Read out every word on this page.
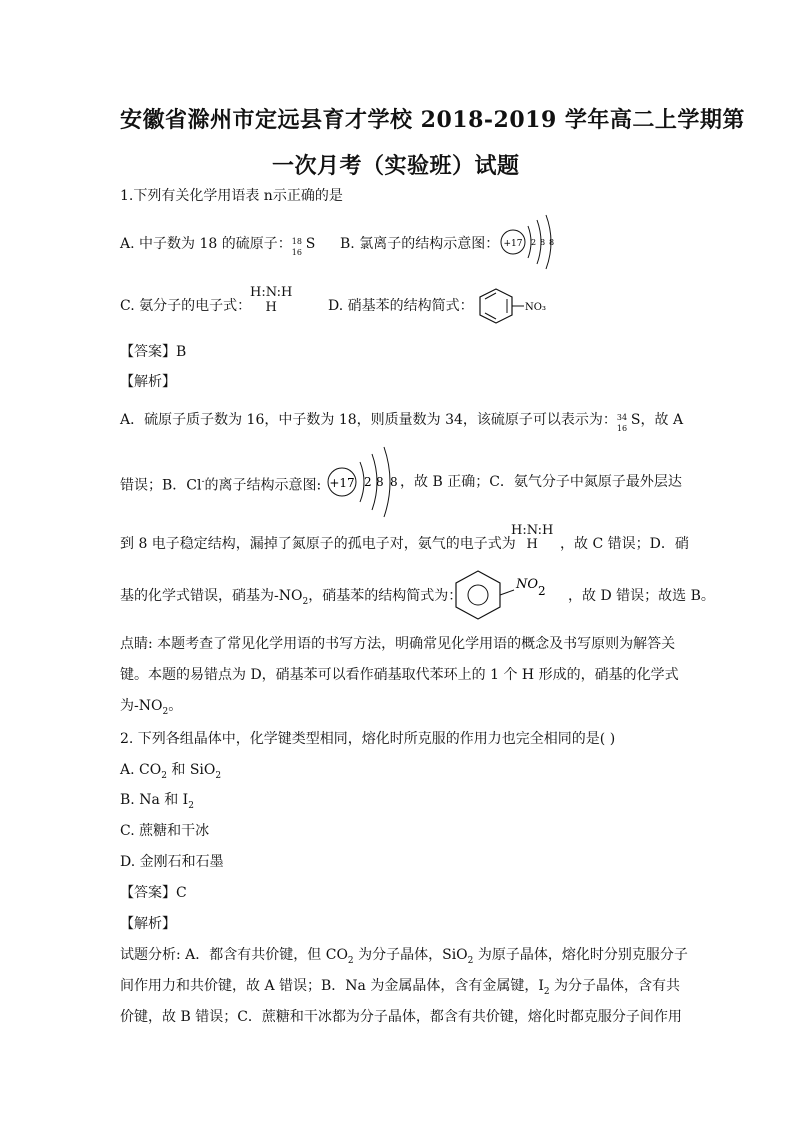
安徽省滁州市定远县育才学校 2018-2019 学年高二上学期第
一次月考（实验班）试题
1.下列有关化学用语表 n示正确的是
A. 中子数为 18 的硫原子： 18
16
S B. 氯离子的结构示意图： +17 2 8 8
C. 氨分子的电子式：
H:N:H
H	D. 硝基苯的结构简式：	NO₃
【答案】B
【解析】
A．硫原子质子数为 16，中子数为 18，则质量数为 34，该硫原子可以表示为： 34
16
S，故 A
错误；B．Cl-的离子结构示意图: +17 2 8 8 ，故 B 正确；C．氨气分子中氮原子最外层达
到 8 电子稳定结构，漏掉了氮原子的孤电子对，氨气的电子式为
H:N:H
H	，故 C 错误；D．硝
基的化学式错误，硝基为$-NO_2$，硝基苯的结构简式为：
NO2 ，故 D 错误；故选 B。
点睛: 本题考查了常见化学用语的书写方法，明确常见化学用语的概念及书写原则为解答关
键。本题的易错点为 D，硝基苯可以看作硝基取代苯环上的 1 个 H 形成的，硝基的化学式
为$-NO_2$。
2. 下列各组晶体中，化学键类型相同，熔化时所克服的作用力也完全相同的是( )
A. $CO_2$ 和 SiO$_2$
B. Na 和 $I_2$
C. 蔗糖和干冰
D. 金刚石和石墨
【答案】C
【解析】
试题分析: A．都含有共价键，但 $CO_2$ 为分子晶体，SiO$_2$ 为原子晶体，熔化时分别克服分子
间作用力和共价键，故 A 错误；B．Na 为金属晶体，含有金属键，$I_2$ 为分子晶体，含有共
价键，故 B 错误；C．蔗糖和干冰都为分子晶体，都含有共价键，熔化时都克服分子间作用
